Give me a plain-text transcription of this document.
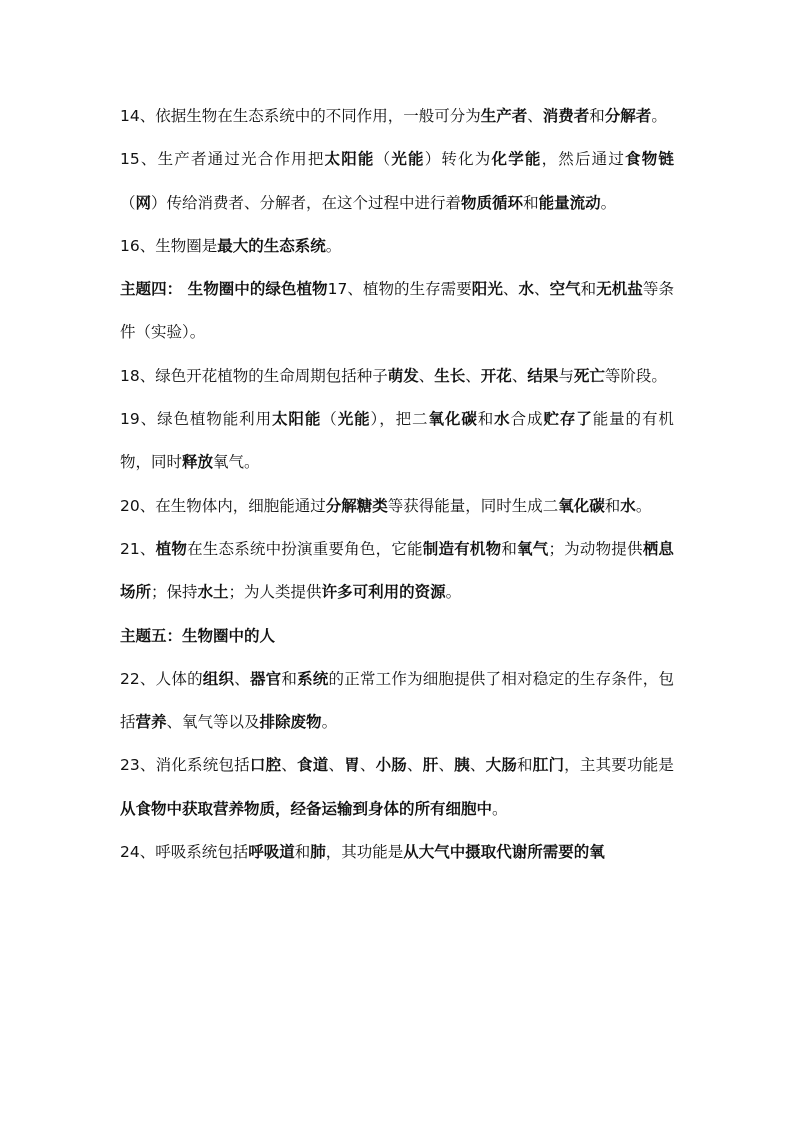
14、依据生物在生态系统中的不同作用，一般可分为生产者、消费者和分解者。

15、生产者通过光合作用把太阳能（光能）转化为化学能，然后通过食物链（网）传给消费者、分解者，在这个过程中进行着物质循环和能量流动。

16、生物圈是最大的生态系统。

主题四： 生物圈中的绿色植物17、植物的生存需要阳光、水、空气和无机盐等条件（实验）。

18、绿色开花植物的生命周期包括种子萌发、生长、开花、结果与死亡等阶段。

19、绿色植物能利用太阳能（光能），把二氧化碳和水合成贮存了能量的有机物，同时释放氧气。

20、在生物体内，细胞能通过分解糖类等获得能量，同时生成二氧化碳和水。

21、植物在生态系统中扮演重要角色，它能制造有机物和氧气；为动物提供栖息场所；保持水土；为人类提供许多可利用的资源。

主题五：生物圈中的人

22、人体的组织、器官和系统的正常工作为细胞提供了相对稳定的生存条件，包括营养、氧气等以及排除废物。

23、消化系统包括口腔、食道、胃、小肠、肝、胰、大肠和肛门，主其要功能是从食物中获取营养物质，经备运输到身体的所有细胞中。

24、呼吸系统包括呼吸道和肺，其功能是从大气中摄取代谢所需要的氧
